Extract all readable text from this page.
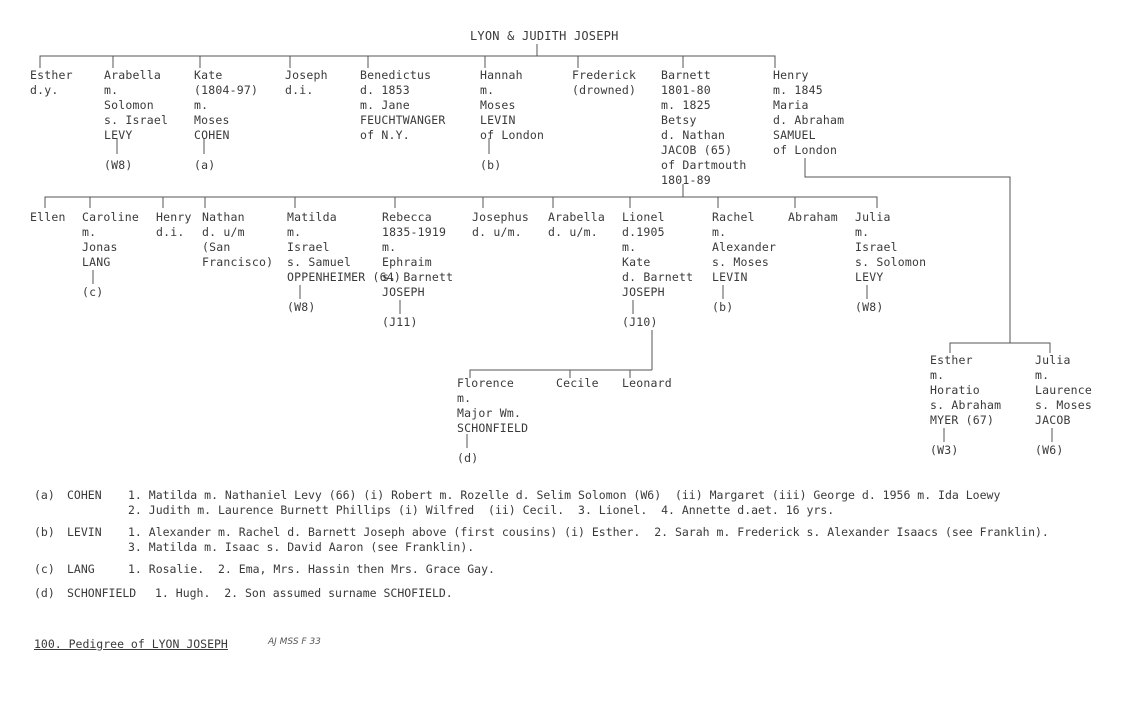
LYON & JUDITH JOSEPH
Esther
d.y.
Arabella
m.
Solomon
s. Israel
LEVY

(W8)
Kate
(1804-97)
m.
Moses
COHEN

(a)
Joseph
d.i.
Benedictus
d. 1853
m. Jane
FEUCHTWANGER
of N.Y.
Hannah
m.
Moses
LEVIN
of London

(b)
Frederick
(drowned)
Barnett
1801-80
m. 1825
Betsy
d. Nathan
JACOB (65)
of Dartmouth
1801-89
Henry
m. 1845
Maria
d. Abraham
SAMUEL
of London
Ellen Caroline
m.
Jonas
LANG

(c)
Henry
d.i.
Nathan
d. u/m
(San
Francisco)
Matilda
m.
Israel
s. Samuel
OPPENHEIMER (64)

(W8)
Rebecca
1835-1919
m.
Ephraim
s. Barnett
JOSEPH

(J11)
Josephus
d. u/m.
Arabella
d. u/m.
Lionel
d.1905
m.
Kate
d. Barnett
JOSEPH

(J10)
Rachel
m.
Alexander
s. Moses
LEVIN

(b)
Abraham Julia
m.
Israel
s. Solomon
LEVY

(W8)
Florence
m.
Major Wm.
SCHONFIELD

(d)
Cecile Leonard
Esther
m.
Horatio
s. Abraham
MYER (67)

(W3)
Julia
m.
Laurence
s. Moses
JACOB

(W6)
(a) COHEN 1. Matilda m. Nathaniel Levy (66) (i) Robert m. Rozelle d. Selim Solomon (W6)  (ii) Margaret (iii) George d. 1956 m. Ida Loewy
2. Judith m. Laurence Burnett Phillips (i) Wilfred  (ii) Cecil.  3. Lionel.  4. Annette d.aet. 16 yrs.
(b) LEVIN 1. Alexander m. Rachel d. Barnett Joseph above (first cousins) (i) Esther.  2. Sarah m. Frederick s. Alexander Isaacs (see Franklin).
3. Matilda m. Isaac s. David Aaron (see Franklin).
(c) LANG	1. Rosalie.  2. Ema, Mrs. Hassin then Mrs. Grace Gay.
(d) SCHONFIELD 1. Hugh.  2. Son assumed surname SCHOFIELD.
100. Pedigree of LYON JOSEPH	AJ MSS F 33
